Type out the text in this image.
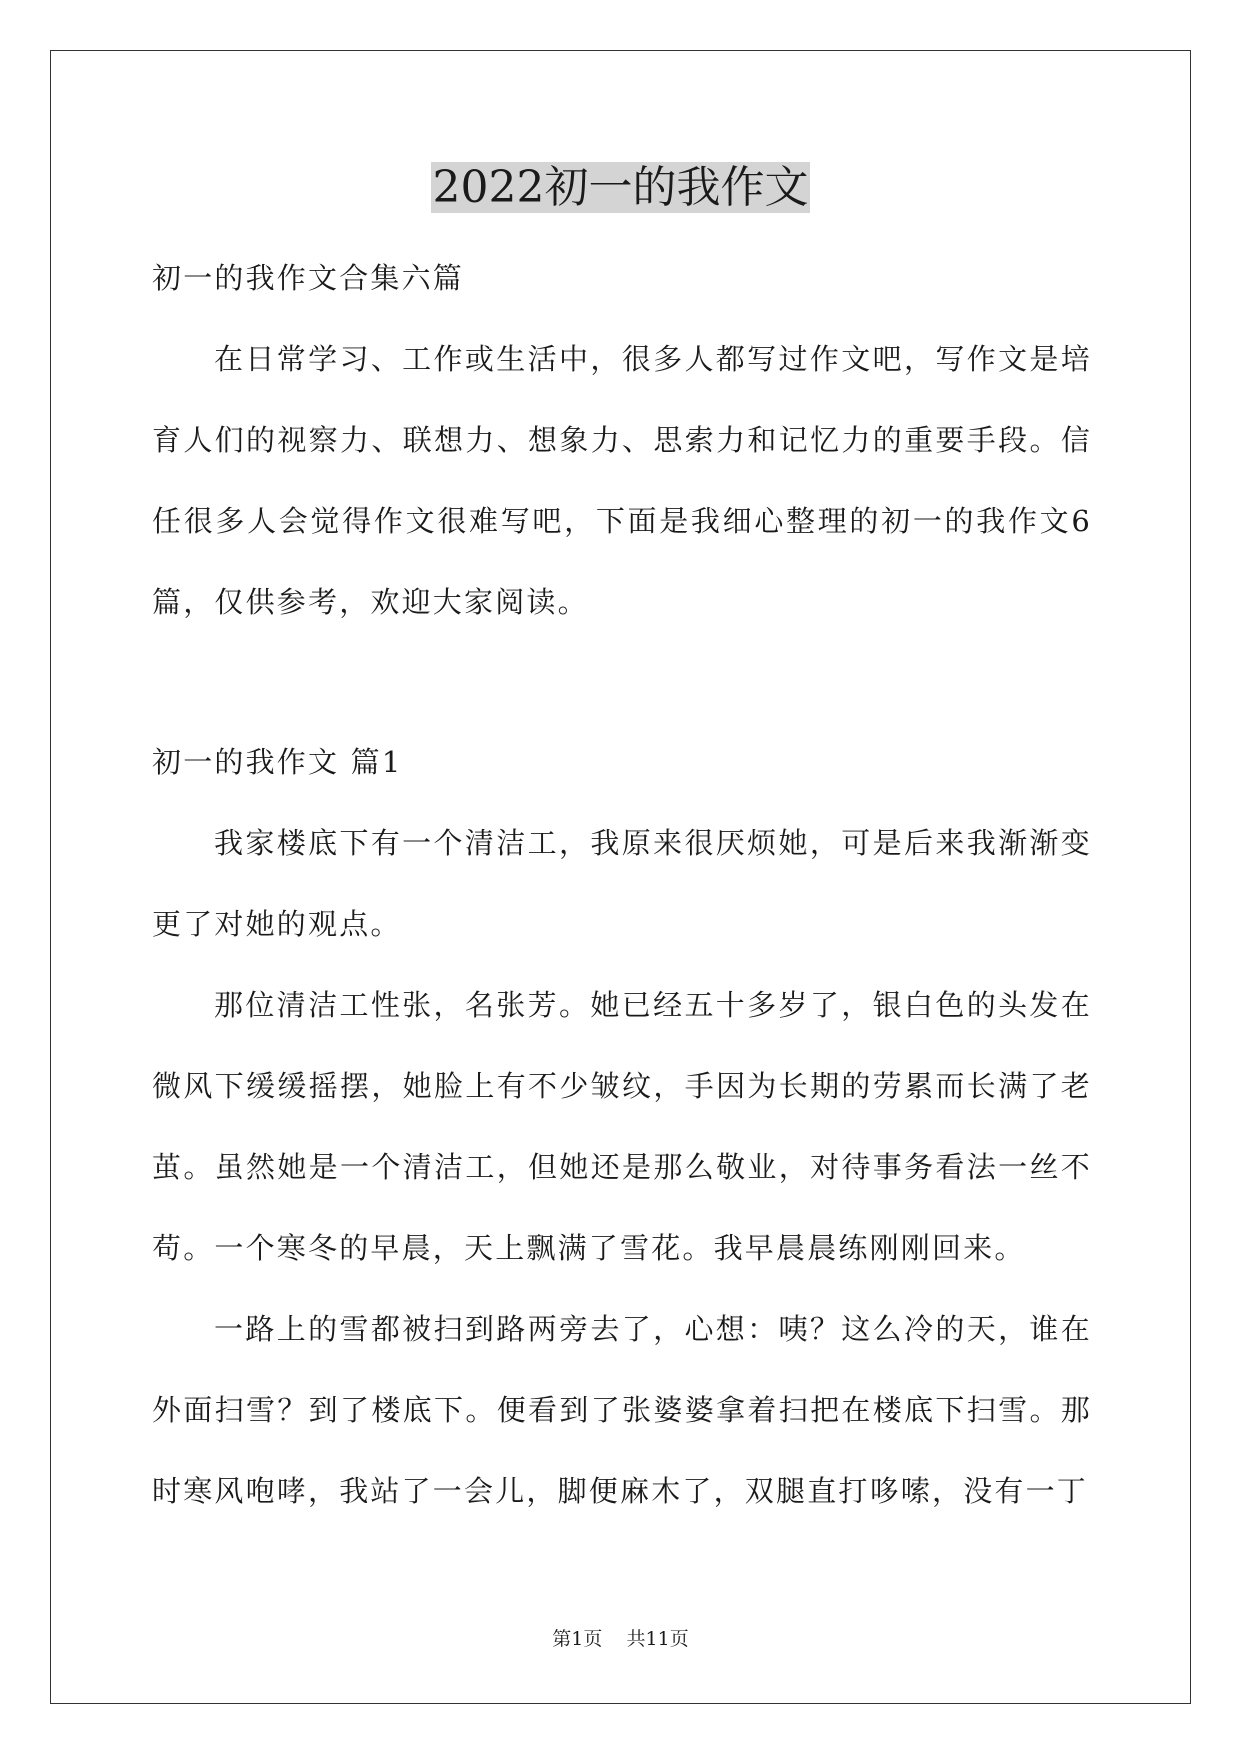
2022初一的我作文

初一的我作文合集六篇

在日常学习、工作或生活中，很多人都写过作文吧，写作文是培育人们的视察力、联想力、想象力、思索力和记忆力的重要手段。信任很多人会觉得作文很难写吧，下面是我细心整理的初一的我作文6篇，仅供参考，欢迎大家阅读。

初一的我作文 篇1

我家楼底下有一个清洁工，我原来很厌烦她，可是后来我渐渐变更了对她的观点。

那位清洁工性张，名张芳。她已经五十多岁了，银白色的头发在微风下缓缓摇摆，她脸上有不少皱纹，手因为长期的劳累而长满了老茧。虽然她是一个清洁工，但她还是那么敬业，对待事务看法一丝不苟。一个寒冬的早晨，天上飘满了雪花。我早晨晨练刚刚回来。

一路上的雪都被扫到路两旁去了，心想：咦？这么冷的天，谁在外面扫雪？到了楼底下。便看到了张婆婆拿着扫把在楼底下扫雪。那时寒风咆哮，我站了一会儿，脚便麻木了，双腿直打哆嗦，没有一丁

第1页    共11页
